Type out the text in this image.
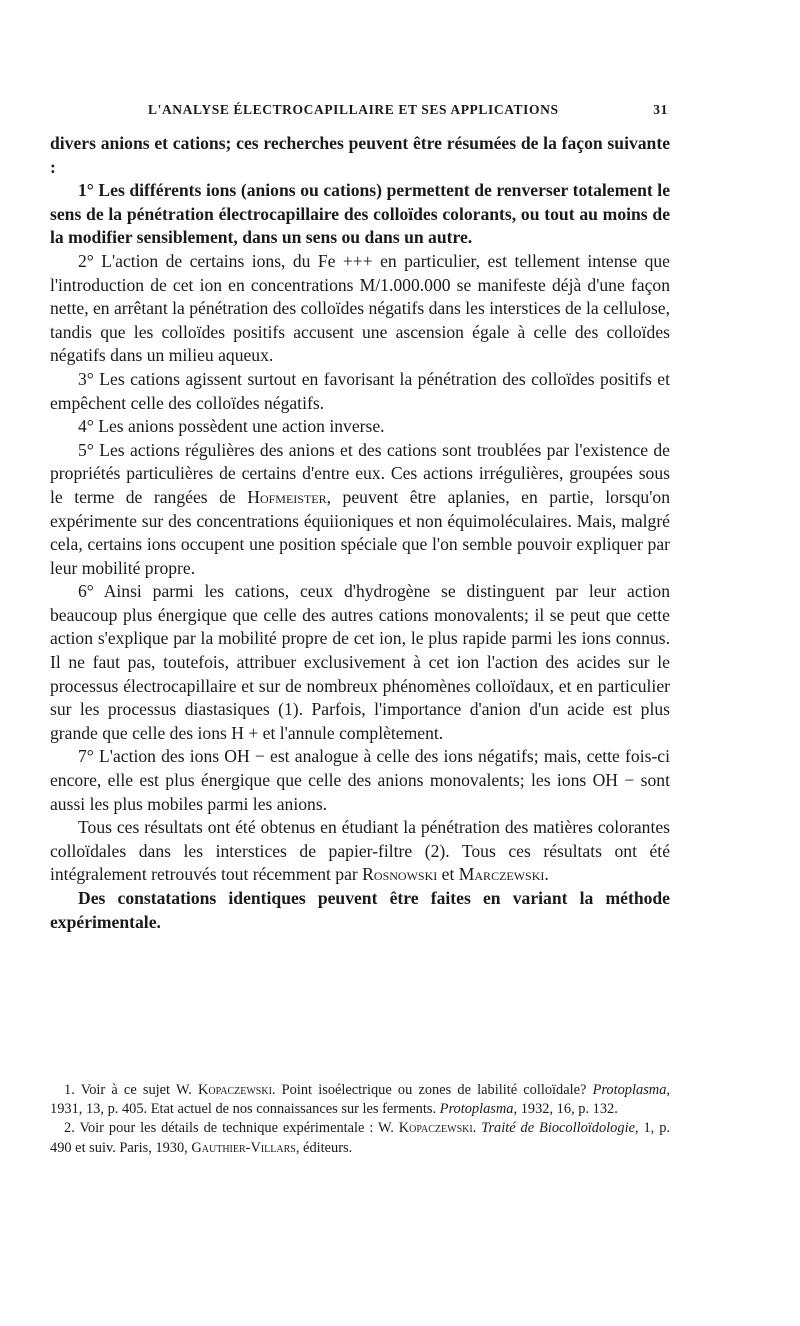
L'ANALYSE ÉLECTROCAPILLAIRE ET SES APPLICATIONS	31

divers anions et cations; ces recherches peuvent être résumées de la façon suivante :

1° Les différents ions (anions ou cations) permettent de renverser totalement le sens de la pénétration électrocapillaire des colloïdes colorants, ou tout au moins de la modifier sensiblement, dans un sens ou dans un autre.

2° L'action de certains ions, du Fe +++ en particulier, est tellement intense que l'introduction de cet ion en concentrations M/1.000.000 se manifeste déjà d'une façon nette, en arrêtant la pénétration des colloïdes négatifs dans les interstices de la cellulose, tandis que les colloïdes positifs accusent une ascension égale à celle des colloïdes négatifs dans un milieu aqueux.

3° Les cations agissent surtout en favorisant la pénétration des colloïdes positifs et empêchent celle des colloïdes négatifs.

4° Les anions possèdent une action inverse.

5° Les actions régulières des anions et des cations sont troublées par l'existence de propriétés particulières de certains d'entre eux. Ces actions irrégulières, groupées sous le terme de rangées de Hofmeister, peuvent être aplanies, en partie, lorsqu'on expérimente sur des concentrations équiioniques et non équimoléculaires. Mais, malgré cela, certains ions occupent une position spéciale que l'on semble pouvoir expliquer par leur mobilité propre.

6° Ainsi parmi les cations, ceux d'hydrogène se distinguent par leur action beaucoup plus énergique que celle des autres cations monovalents; il se peut que cette action s'explique par la mobilité propre de cet ion, le plus rapide parmi les ions connus. Il ne faut pas, toutefois, attribuer exclusivement à cet ion l'action des acides sur le processus électrocapillaire et sur de nombreux phénomènes colloïdaux, et en particulier sur les processus diastasiques (1). Parfois, l'importance d'anion d'un acide est plus grande que celle des ions H + et l'annule complètement.

7° L'action des ions OH − est analogue à celle des ions négatifs; mais, cette fois-ci encore, elle est plus énergique que celle des anions monovalents; les ions OH − sont aussi les plus mobiles parmi les anions.

Tous ces résultats ont été obtenus en étudiant la pénétration des matières colorantes colloïdales dans les interstices de papier-filtre (2). Tous ces résultats ont été intégralement retrouvés tout récemment par Rosnowski et Marczewski.

Des constatations identiques peuvent être faites en variant la méthode expérimentale.

1. Voir à ce sujet W. Kopaczewski. Point isoélectrique ou zones de labilité colloïdale? Protoplasma, 1931, 13, p. 405. Etat actuel de nos connaissances sur les ferments. Protoplasma, 1932, 16, p. 132.

2. Voir pour les détails de technique expérimentale : W. Kopaczewski. Traité de Biocolloïdologie, 1, p. 490 et suiv. Paris, 1930, Gauthier-Villars, éditeurs.
